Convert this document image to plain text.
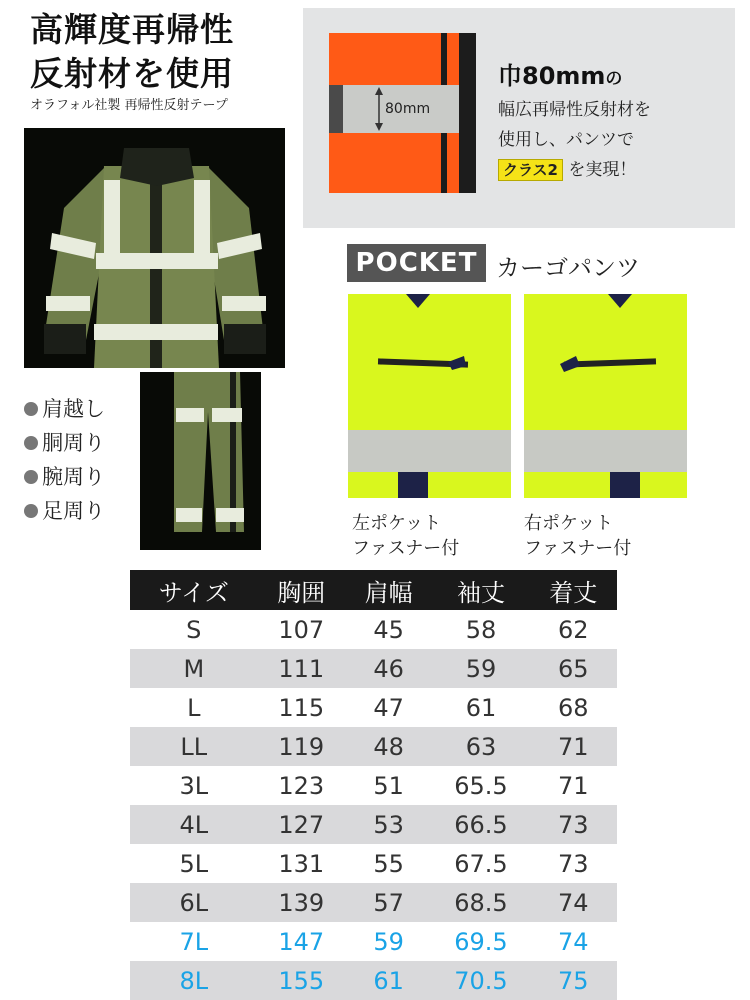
高輝度再帰性
反射材を使用
オラフォル社製 再帰性反射テープ
肩越し
胴周り
腕周り
足周り
80mm
巾80mmの
幅広再帰性反射材を
使用し、パンツで
クラス2 を実現！
POCKET カーゴパンツ
左ポケット
ファスナー付
右ポケット
ファスナー付
サイズ	胸囲	肩幅	袖丈	着丈
S	107	45	58	62
M	111	46	59	65
L	115	47	61	68
LL	119	48	63	71
3L	123	51	65.5	71
4L	127	53	66.5	73
5L	131	55	67.5	73
6L	139	57	68.5	74
7L	147	59	69.5	74
8L	155	61	70.5	75
